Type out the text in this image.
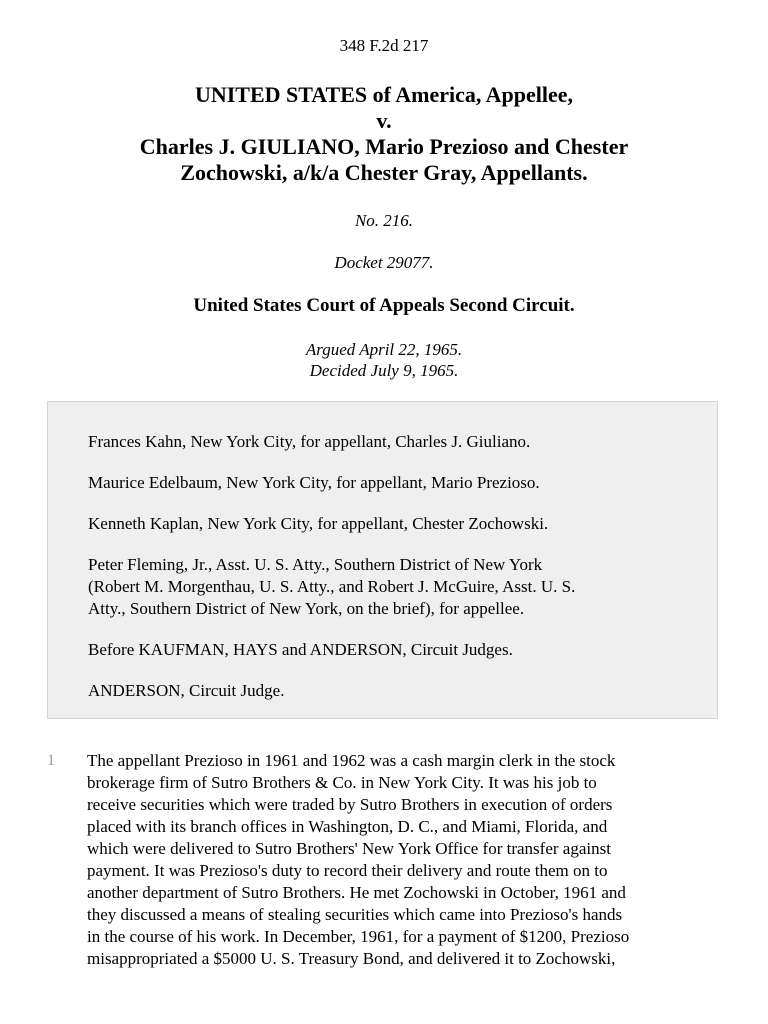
348 F.2d 217
UNITED STATES of America, Appellee,
v.
Charles J. GIULIANO, Mario Prezioso and Chester
Zochowski, a/k/a Chester Gray, Appellants.
No. 216.
Docket 29077.
United States Court of Appeals Second Circuit.
Argued April 22, 1965.
Decided July 9, 1965.
Frances Kahn, New York City, for appellant, Charles J. Giuliano.
Maurice Edelbaum, New York City, for appellant, Mario Prezioso.
Kenneth Kaplan, New York City, for appellant, Chester Zochowski.
Peter Fleming, Jr., Asst. U. S. Atty., Southern District of New York
(Robert M. Morgenthau, U. S. Atty., and Robert J. McGuire, Asst. U. S.
Atty., Southern District of New York, on the brief), for appellee.
Before KAUFMAN, HAYS and ANDERSON, Circuit Judges.
ANDERSON, Circuit Judge.
1 The appellant Prezioso in 1961 and 1962 was a cash margin clerk in the stock
brokerage firm of Sutro Brothers & Co. in New York City. It was his job to
receive securities which were traded by Sutro Brothers in execution of orders
placed with its branch offices in Washington, D. C., and Miami, Florida, and
which were delivered to Sutro Brothers' New York Office for transfer against
payment. It was Prezioso's duty to record their delivery and route them on to
another department of Sutro Brothers. He met Zochowski in October, 1961 and
they discussed a means of stealing securities which came into Prezioso's hands
in the course of his work. In December, 1961, for a payment of $1200, Prezioso
misappropriated a $5000 U. S. Treasury Bond, and delivered it to Zochowski,
